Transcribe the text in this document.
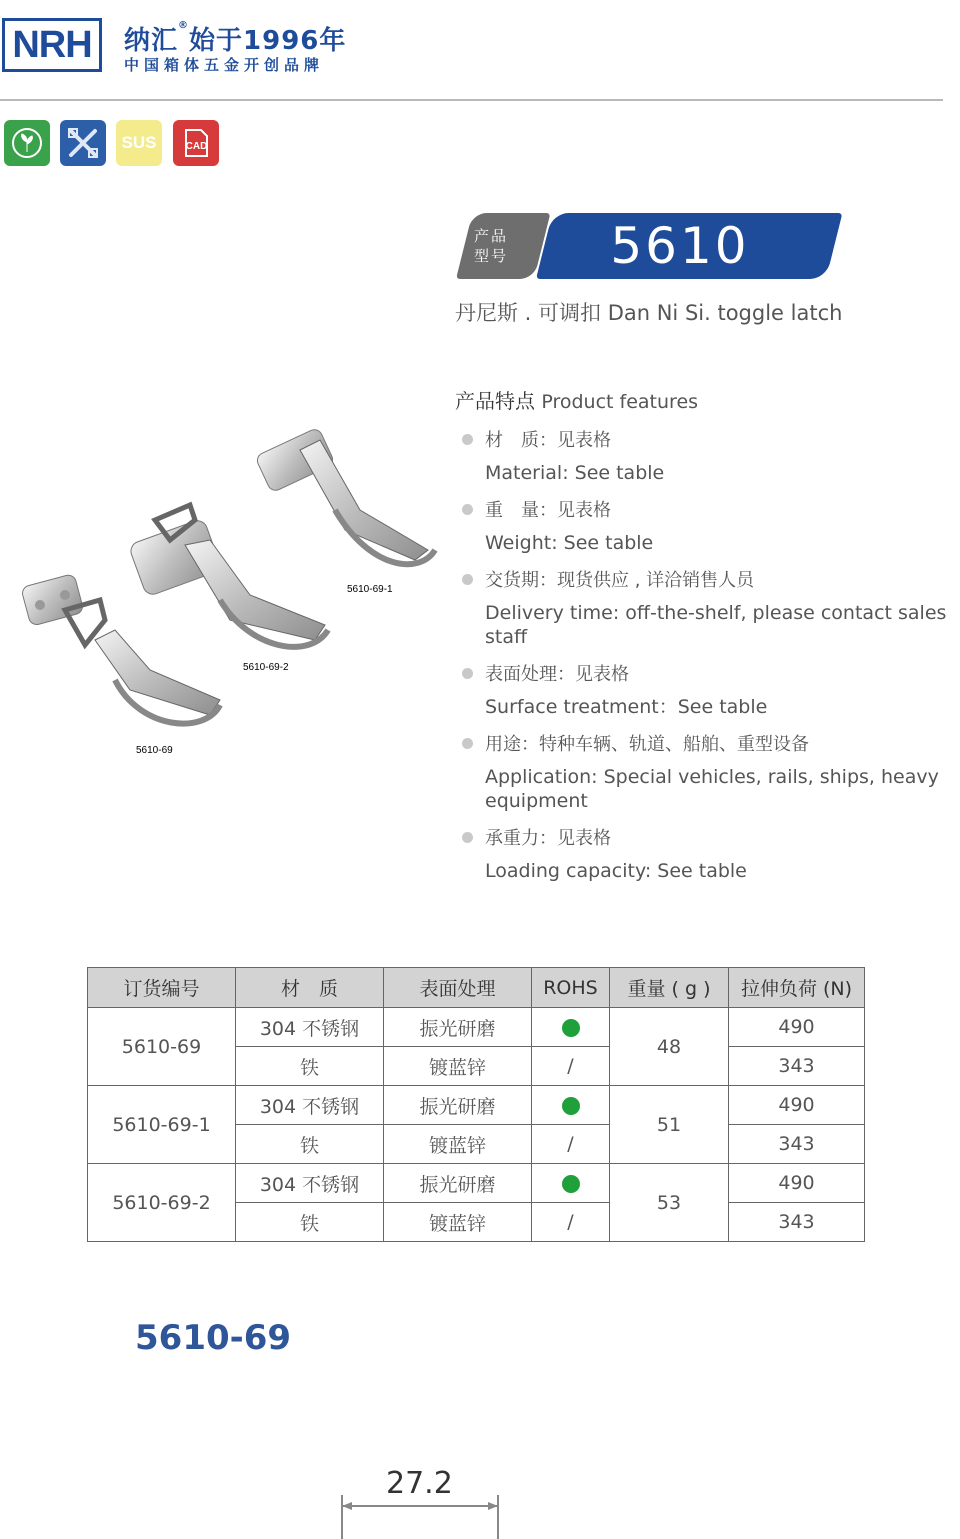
NRH	纳汇®始于1996年
中国箱体五金开创品牌
SUS	CAD
产品型号	5610
丹尼斯 . 可调扣 Dan Ni Si. toggle latch
产品特点 Product features
材　质：见表格
Material: See table
重　量：见表格
Weight: See table
交货期：现货供应 , 详洽销售人员
Delivery time: off-the-shelf, please contact sales staff
表面处理：见表格
Surface treatment：See table
用途：特种车辆、轨道、船舶、重型设备
Application: Special vehicles, rails, ships, heavy equipment
承重力：见表格
Loading capacity: See table
5610-69-1
5610-69-2
5610-69
订货编号	材　质	表面处理	ROHS	重量 ( g )	拉伸负荷 (N)
5610-69	304 不锈钢	振光研磨		48	490
	铁	镀蓝锌	/		343
5610-69-1	304 不锈钢	振光研磨		51	490
	铁	镀蓝锌	/		343
5610-69-2	304 不锈钢	振光研磨		53	490
	铁	镀蓝锌	/		343
5610-69
27.2
